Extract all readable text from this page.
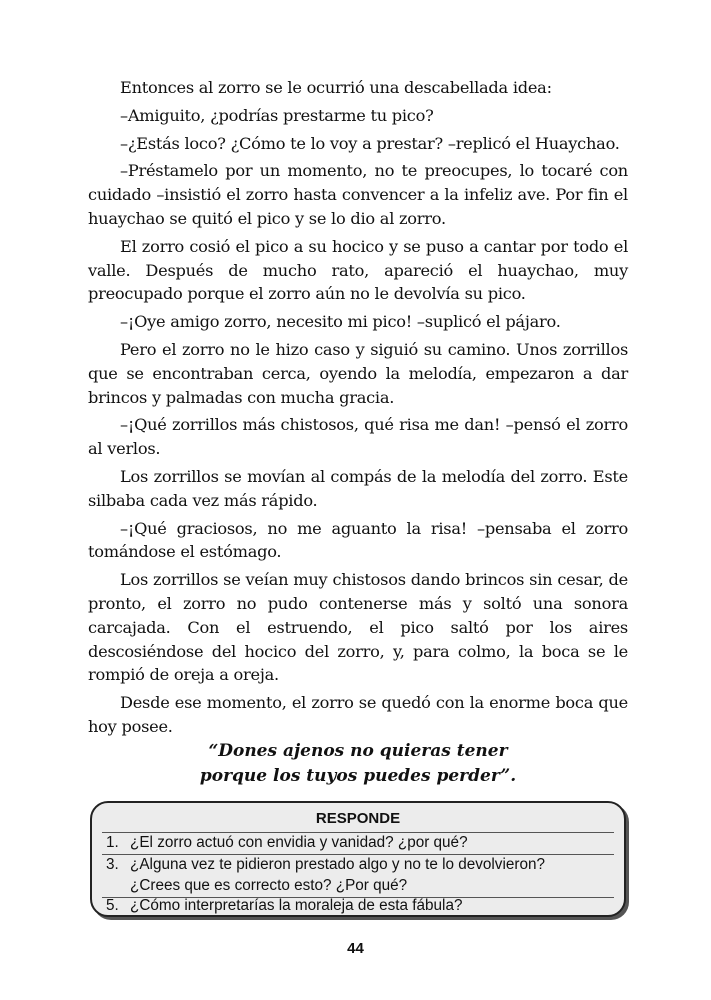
Entonces al zorro se le ocurrió una descabellada idea:

–Amiguito, ¿podrías prestarme tu pico?

–¿Estás loco? ¿Cómo te lo voy a prestar? –replicó el Huaychao.

–Préstamelo por un momento, no te preocupes, lo tocaré con cuidado –insistió el zorro hasta convencer a la infeliz ave. Por fin el huaychao se quitó el pico y se lo dio al zorro.

El zorro cosió el pico a su hocico y se puso a cantar por todo el valle. Después de mucho rato, apareció el huaychao, muy preocupado porque el zorro aún no le devolvía su pico.

–¡Oye amigo zorro, necesito mi pico! –suplicó el pájaro.

Pero el zorro no le hizo caso y siguió su camino. Unos zorrillos que se encontraban cerca, oyendo la melodía, empezaron a dar brincos y palmadas con mucha gracia.

–¡Qué zorrillos más chistosos, qué risa me dan! –pensó el zorro al verlos.

Los zorrillos se movían al compás de la melodía del zorro. Este silbaba cada vez más rápido.

–¡Qué graciosos, no me aguanto la risa! –pensaba el zorro tomándose el estómago.

Los zorrillos se veían muy chistosos dando brincos sin cesar, de pronto, el zorro no pudo contenerse más y soltó una sonora carcajada. Con el estruendo, el pico saltó por los aires descosiéndose del hocico del zorro, y, para colmo, la boca se le rompió de oreja a oreja.

Desde ese momento, el zorro se quedó con la enorme boca que hoy posee.

“Dones ajenos no quieras tener
porque los tuyos puedes perder”.
RESPONDE
1. ¿El zorro actuó con envidia y vanidad? ¿por qué?
3. ¿Alguna vez te pidieron prestado algo y no te lo devolvieron?
¿Crees que es correcto esto? ¿Por qué?
5. ¿Cómo interpretarías la moraleja de esta fábula?
44
